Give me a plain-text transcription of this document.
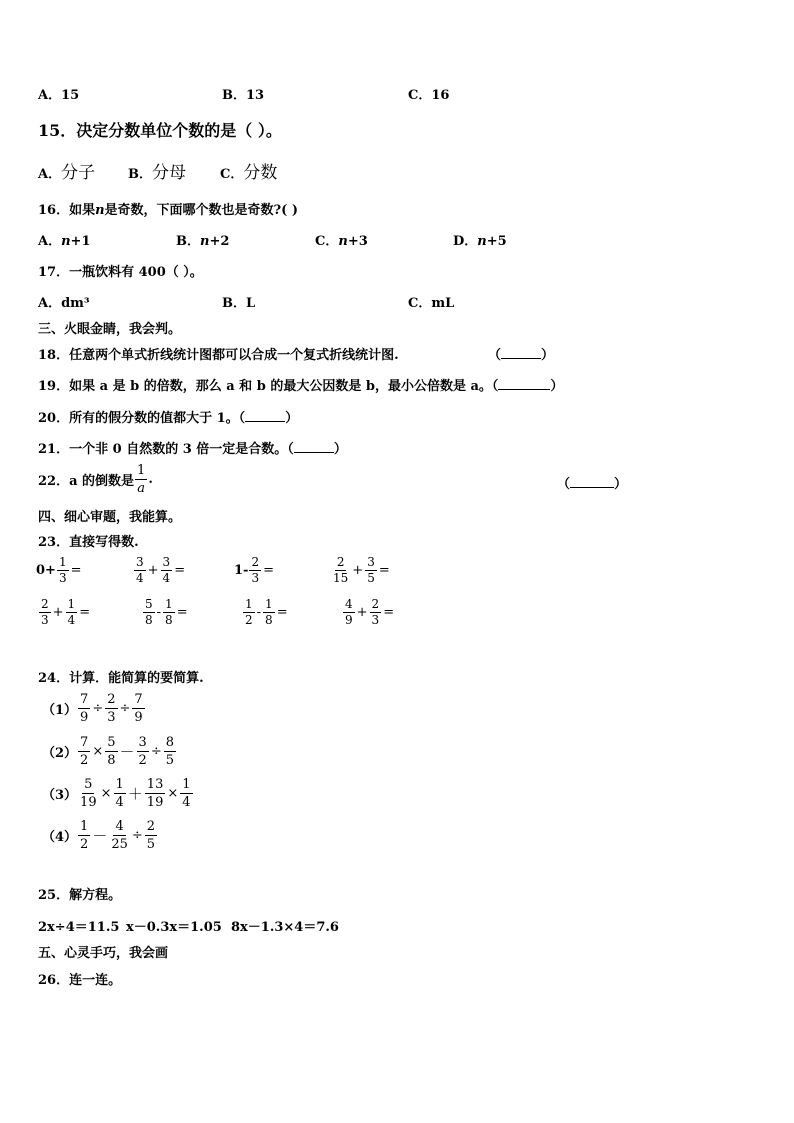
A．15	B．13	C．16
15．决定分数单位个数的是（ ）。
A．分子	B．分母	C．分数
16．如果n是奇数，下面哪个数也是奇数?( )
A．n+1	B．n+2	C．n+3	D．n+5
17．一瓶饮料有 400（ ）。
A．dm³	B．L	C．mL
三、火眼金睛，我会判。
18．任意两个单式折线统计图都可以合成一个复式折线统计图.	（	）
19．如果 a 是 b 的倍数，那么 a 和 b 的最大公因数是 b，最小公倍数是 a。（	）
20．所有的假分数的值都大于 1。（	）
21．一个非 0 自然数的 3 倍一定是合数。（	）
22．a 的倒数是 $\frac{1}{a}$ .	（	）
四、细心审题，我能算。
23．直接写得数.
$0+ \frac{1}{3}$ =	$\frac{3}{4} + \frac{3}{4}$ =	$1- \frac{2}{3}$ =	$\frac{2}{15} + \frac{3}{5}$ =
$\frac{2}{3} + \frac{1}{4}$ =	$\frac{5}{8} - \frac{1}{8}$ =	$\frac{1}{2} - \frac{1}{8}$ =	$\frac{4}{9} + \frac{2}{3}$ =
24．计算．能简算的要简算.
$(1) \frac{7}{9} \div \frac{2}{3} \div \frac{7}{9}$
$(2) \frac{7}{2} \times \frac{5}{8} - \frac{3}{2} \div \frac{8}{5}$
$(3) \frac{5}{19} \times \frac{1}{4} + \frac{13}{19} \times \frac{1}{4}$
$(4) \frac{1}{2} - \frac{4}{25} \div \frac{2}{5}$
25．解方程。
2x÷4＝11.5 x－0.3x＝1.05 8x－1.3×4＝7.6
五、心灵手巧，我会画
26．连一连。
